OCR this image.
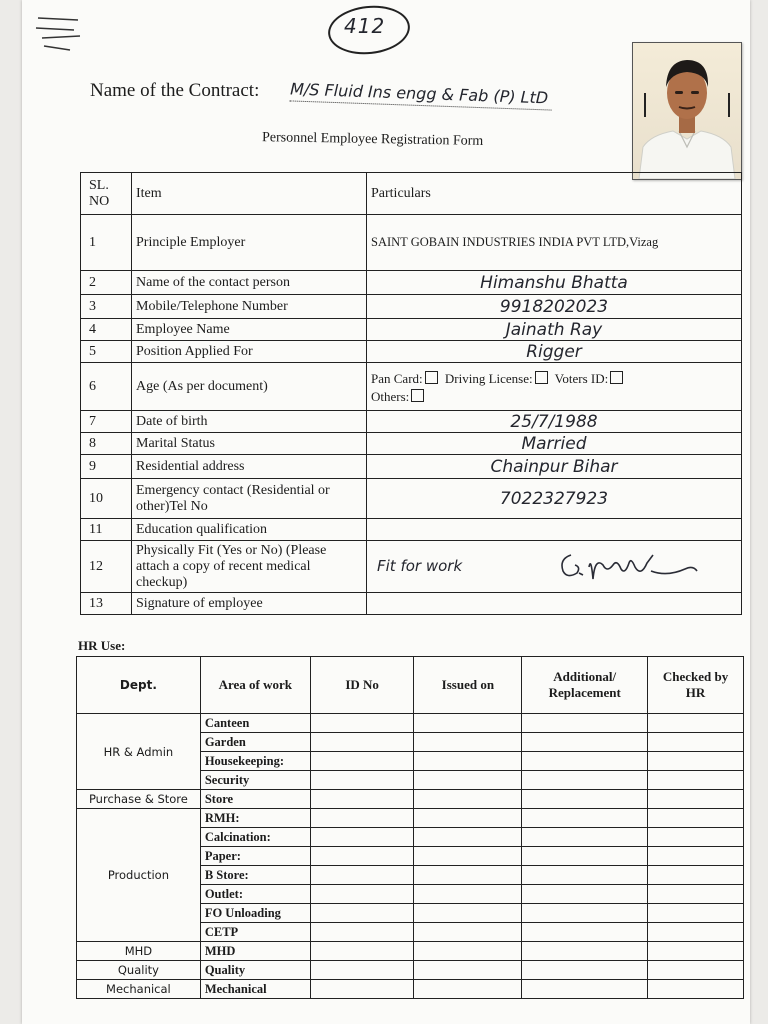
412
Name of the Contract: M/S Fluid Ins engg & Fab (P) LtD
Personnel Employee Registration Form
SL. NO	Item	Particulars
1	Principle Employer	SAINT GOBAIN INDUSTRIES INDIA PVT LTD,Vizag
2	Name of the contact person	Himanshu Bhatta

3	Mobile/Telephone Number	9918202023

4	Employee Name	Jainath Ray

5	Position Applied For	Rigger

6	Age (As per document)	Pan Card: Driving License: Voters ID:
Others:

7	Date of birth	25/7/1988

8	Marital Status	Married

9	Residential address	Chainpur Bihar

10	Emergency contact (Residential or other)Tel No	7022327923

11	Education qualification	
12	Physically Fit (Yes or No) (Please attach a copy of recent medical checkup)	Fit for work

13	Signature of employee	
HR Use:
Dept.	Area of work	ID No	Issued on	Additional/ Replacement	Checked by HR
HR & Admin	Canteen				
	Garden				
	Housekeeping:				
	Security				
Purchase & Store	Store				
Production	RMH:				
	Calcination:				
	Paper:				
	B Store:				
	Outlet:				
	FO Unloading				
	CETP				
MHD	MHD				
Quality	Quality				
Mechanical	Mechanical				
